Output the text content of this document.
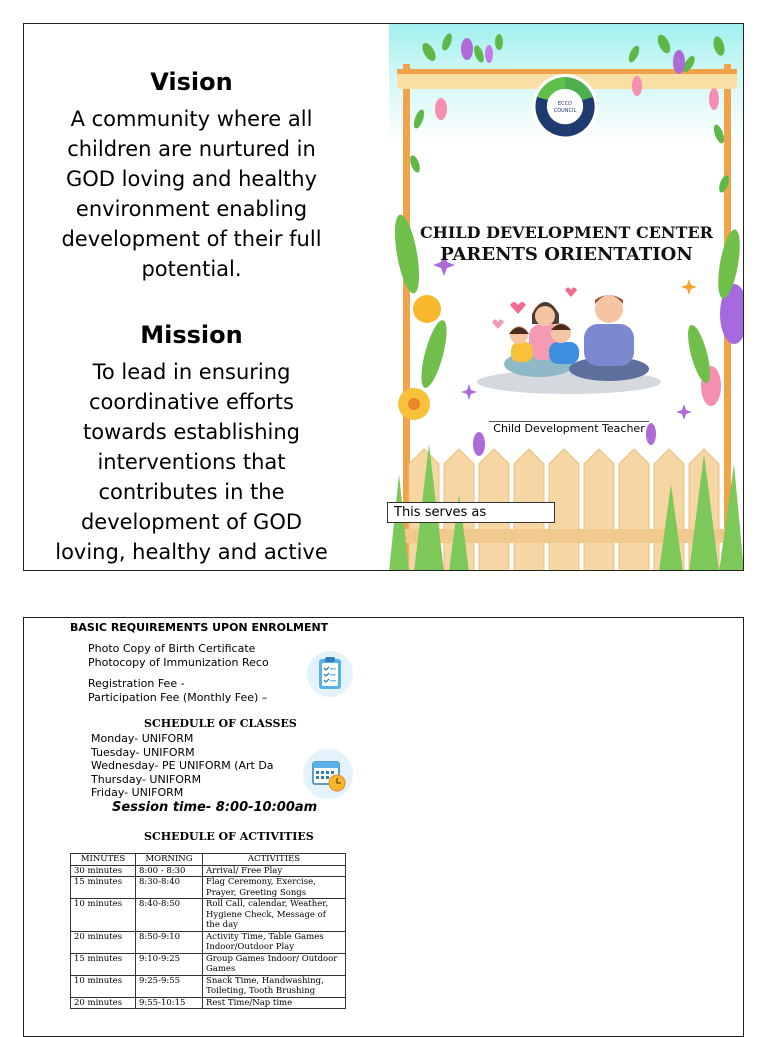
Vision
A community where all
children are nurtured in
GOD loving and healthy
environment enabling
development of their full
potential.
Mission
To lead in ensuring
coordinative efforts
towards establishing
interventions that
contributes in the
development of GOD
loving, healthy and active
ECCD
COUNCIL
CHILD DEVELOPMENT CENTER
PARENTS ORIENTATION
Child Development Teacher
This serves as
BASIC REQUIREMENTS UPON ENROLMENT
• Photo Copy of Birth Certificate
• Photocopy of Immunization Reco
•
• Registration Fee -
• Participation Fee (Monthly Fee) –
SCHEDULE OF CLASSES
▪ Monday- UNIFORM
▪ Tuesday- UNIFORM
▪ Wednesday- PE UNIFORM (Art Da
▪ Thursday- UNIFORM
▪ Friday- UNIFORM
Session time- 8:00-10:00am
SCHEDULE OF ACTIVITIES
MINUTES	MORNING	ACTIVITIES
30 minutes	8:00 - 8:30	Arrival/ Free Play
15 minutes	8:30-8:40	Flag Ceremony, Exercise, Prayer, Greeting Songs
10 minutes	8:40-8:50	Roll Call, calendar, Weather, Hygiene Check, Message of the day
20 minutes	8:50-9:10	Activity Time, Table Games Indoor/Outdoor Play
15 minutes	9:10-9:25	Group Games Indoor/ Outdoor Games
10 minutes	9:25-9:55	Snack Time, Handwashing, Toileting, Tooth Brushing
20 minutes	9:55-10:15	Rest Time/Nap time
